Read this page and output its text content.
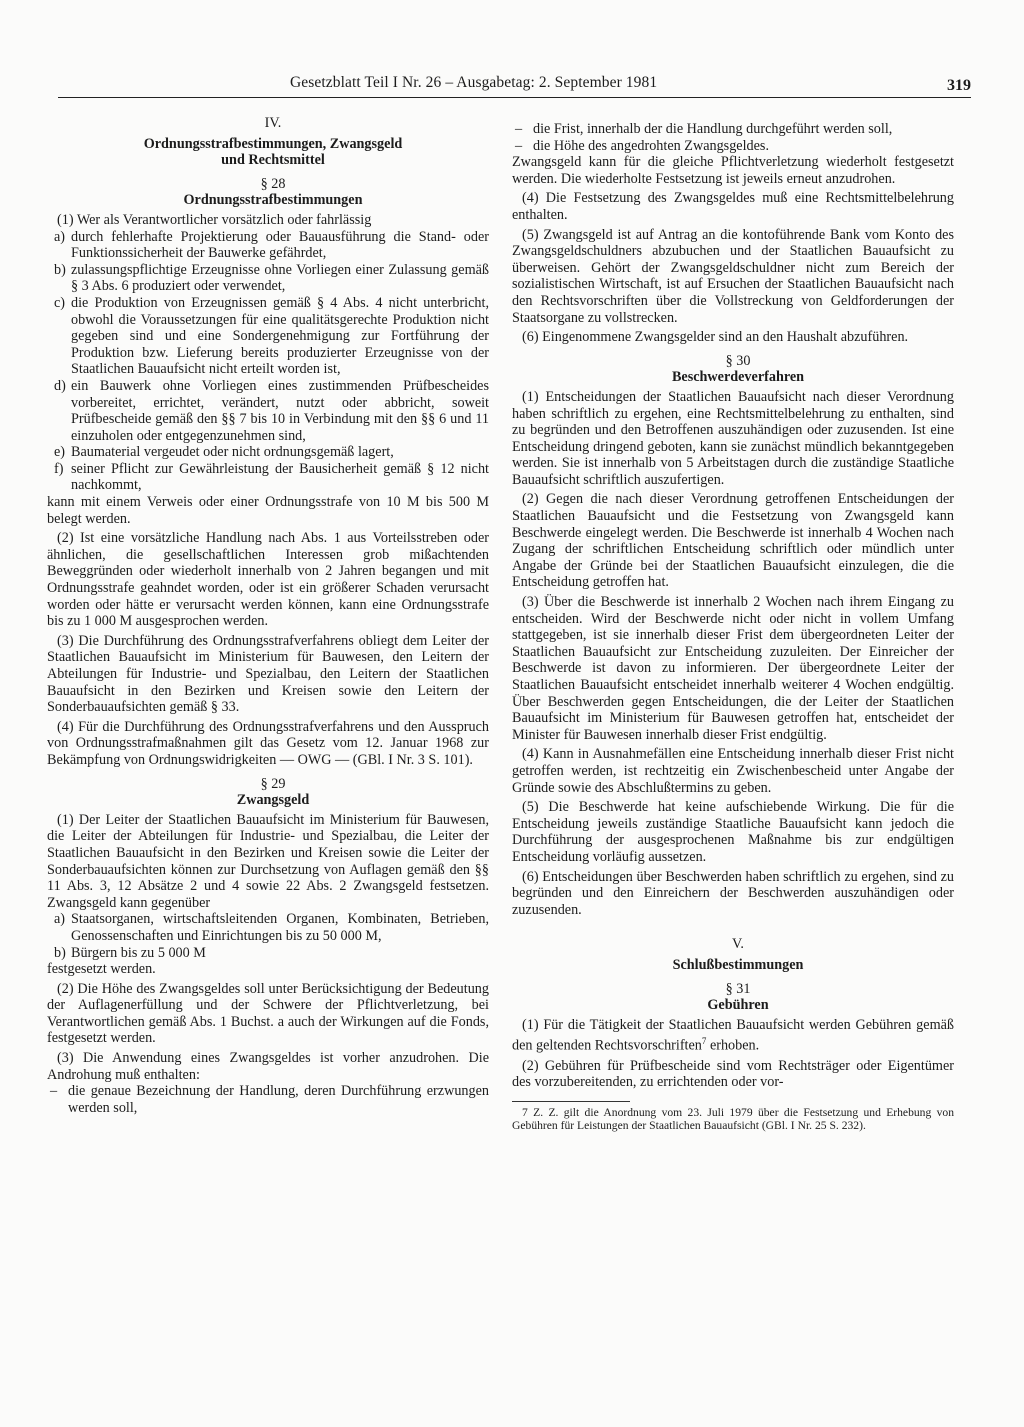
Gesetzblatt Teil I Nr. 26 – Ausgabetag: 2. September 1981	319

IV.

Ordnungsstrafbestimmungen, Zwangsgeld

und Rechtsmittel

§ 28

Ordnungsstrafbestimmungen

(1) Wer als Verantwortlicher vorsätzlich oder fahrlässig

a) durch fehlerhafte Projektierung oder Bauausführung die Stand- oder Funktionssicherheit der Bauwerke gefährdet,
b) zulassungspflichtige Erzeugnisse ohne Vorliegen einer Zulassung gemäß § 3 Abs. 6 produziert oder verwendet,
c) die Produktion von Erzeugnissen gemäß § 4 Abs. 4 nicht unterbricht, obwohl die Voraussetzungen für eine qualitätsgerechte Produktion nicht gegeben sind und eine Sondergenehmigung zur Fortführung der Produktion bzw. Lieferung bereits produzierter Erzeugnisse von der Staatlichen Bauaufsicht nicht erteilt worden ist,
d) ein Bauwerk ohne Vorliegen eines zustimmenden Prüfbescheides vorbereitet, errichtet, verändert, nutzt oder abbricht, soweit Prüfbescheide gemäß den §§ 7 bis 10 in Verbindung mit den §§ 6 und 11 einzuholen oder entgegenzunehmen sind,
e) Baumaterial vergeudet oder nicht ordnungsgemäß lagert,
f) seiner Pflicht zur Gewährleistung der Bausicherheit gemäß § 12 nicht nachkommt,

kann mit einem Verweis oder einer Ordnungsstrafe von 10 M bis 500 M belegt werden.

(2) Ist eine vorsätzliche Handlung nach Abs. 1 aus Vorteilsstreben oder ähnlichen, die gesellschaftlichen Interessen grob mißachtenden Beweggründen oder wiederholt innerhalb von 2 Jahren begangen und mit Ordnungsstrafe geahndet worden, oder ist ein größerer Schaden verursacht worden oder hätte er verursacht werden können, kann eine Ordnungsstrafe bis zu 1 000 M ausgesprochen werden.

(3) Die Durchführung des Ordnungsstrafverfahrens obliegt dem Leiter der Staatlichen Bauaufsicht im Ministerium für Bauwesen, den Leitern der Abteilungen für Industrie- und Spezialbau, den Leitern der Staatlichen Bauaufsicht in den Bezirken und Kreisen sowie den Leitern der Sonderbauaufsichten gemäß § 33.

(4) Für die Durchführung des Ordnungsstrafverfahrens und den Ausspruch von Ordnungsstrafmaßnahmen gilt das Gesetz vom 12. Januar 1968 zur Bekämpfung von Ordnungswidrigkeiten — OWG — (GBl. I Nr. 3 S. 101).

§ 29

Zwangsgeld

(1) Der Leiter der Staatlichen Bauaufsicht im Ministerium für Bauwesen, die Leiter der Abteilungen für Industrie- und Spezialbau, die Leiter der Staatlichen Bauaufsicht in den Bezirken und Kreisen sowie die Leiter der Sonderbauaufsichten können zur Durchsetzung von Auflagen gemäß den §§ 11 Abs. 3, 12 Absätze 2 und 4 sowie 22 Abs. 2 Zwangsgeld festsetzen. Zwangsgeld kann gegenüber

a) Staatsorganen, wirtschaftsleitenden Organen, Kombinaten, Betrieben, Genossenschaften und Einrichtungen bis zu 50 000 M,
b) Bürgern bis zu 5 000 M

festgesetzt werden.

(2) Die Höhe des Zwangsgeldes soll unter Berücksichtigung der Bedeutung der Auflagenerfüllung und der Schwere der Pflichtverletzung, bei Verantwortlichen gemäß Abs. 1 Buchst. a auch der Wirkungen auf die Fonds, festgesetzt werden.

(3) Die Anwendung eines Zwangsgeldes ist vorher anzudrohen. Die Androhung muß enthalten:

– die genaue Bezeichnung der Handlung, deren Durchführung erzwungen werden soll,
– die Frist, innerhalb der die Handlung durchgeführt werden soll,
– die Höhe des angedrohten Zwangsgeldes.

Zwangsgeld kann für die gleiche Pflichtverletzung wiederholt festgesetzt werden. Die wiederholte Festsetzung ist jeweils erneut anzudrohen.

(4) Die Festsetzung des Zwangsgeldes muß eine Rechtsmittelbelehrung enthalten.

(5) Zwangsgeld ist auf Antrag an die kontoführende Bank vom Konto des Zwangsgeldschuldners abzubuchen und der Staatlichen Bauaufsicht zu überweisen. Gehört der Zwangsgeldschuldner nicht zum Bereich der sozialistischen Wirtschaft, ist auf Ersuchen der Staatlichen Bauaufsicht nach den Rechtsvorschriften über die Vollstreckung von Geldforderungen der Staatsorgane zu vollstrecken.

(6) Eingenommene Zwangsgelder sind an den Haushalt abzuführen.

§ 30

Beschwerdeverfahren

(1) Entscheidungen der Staatlichen Bauaufsicht nach dieser Verordnung haben schriftlich zu ergehen, eine Rechtsmittelbelehrung zu enthalten, sind zu begründen und den Betroffenen auszuhändigen oder zuzusenden. Ist eine Entscheidung dringend geboten, kann sie zunächst mündlich bekanntgegeben werden. Sie ist innerhalb von 5 Arbeitstagen durch die zuständige Staatliche Bauaufsicht schriftlich auszufertigen.

(2) Gegen die nach dieser Verordnung getroffenen Entscheidungen der Staatlichen Bauaufsicht und die Festsetzung von Zwangsgeld kann Beschwerde eingelegt werden. Die Beschwerde ist innerhalb 4 Wochen nach Zugang der schriftlichen Entscheidung schriftlich oder mündlich unter Angabe der Gründe bei der Staatlichen Bauaufsicht einzulegen, die die Entscheidung getroffen hat.

(3) Über die Beschwerde ist innerhalb 2 Wochen nach ihrem Eingang zu entscheiden. Wird der Beschwerde nicht oder nicht in vollem Umfang stattgegeben, ist sie innerhalb dieser Frist dem übergeordneten Leiter der Staatlichen Bauaufsicht zur Entscheidung zuzuleiten. Der Einreicher der Beschwerde ist davon zu informieren. Der übergeordnete Leiter der Staatlichen Bauaufsicht entscheidet innerhalb weiterer 4 Wochen endgültig. Über Beschwerden gegen Entscheidungen, die der Leiter der Staatlichen Bauaufsicht im Ministerium für Bauwesen getroffen hat, entscheidet der Minister für Bauwesen innerhalb dieser Frist endgültig.

(4) Kann in Ausnahmefällen eine Entscheidung innerhalb dieser Frist nicht getroffen werden, ist rechtzeitig ein Zwischenbescheid unter Angabe der Gründe sowie des Abschlußtermins zu geben.

(5) Die Beschwerde hat keine aufschiebende Wirkung. Die für die Entscheidung jeweils zuständige Staatliche Bauaufsicht kann jedoch die Durchführung der ausgesprochenen Maßnahme bis zur endgültigen Entscheidung vorläufig aussetzen.

(6) Entscheidungen über Beschwerden haben schriftlich zu ergehen, sind zu begründen und den Einreichern der Beschwerden auszuhändigen oder zuzusenden.

V.

Schlußbestimmungen

§ 31

Gebühren

(1) Für die Tätigkeit der Staatlichen Bauaufsicht werden Gebühren gemäß den geltenden Rechtsvorschriften$^7$ erhoben.

(2) Gebühren für Prüfbescheide sind vom Rechtsträger oder Eigentümer des vorzubereitenden, zu errichtenden oder vor-

7 Z. Z. gilt die Anordnung vom 23. Juli 1979 über die Festsetzung und Erhebung von Gebühren für Leistungen der Staatlichen Bauaufsicht (GBl. I Nr. 25 S. 232).
